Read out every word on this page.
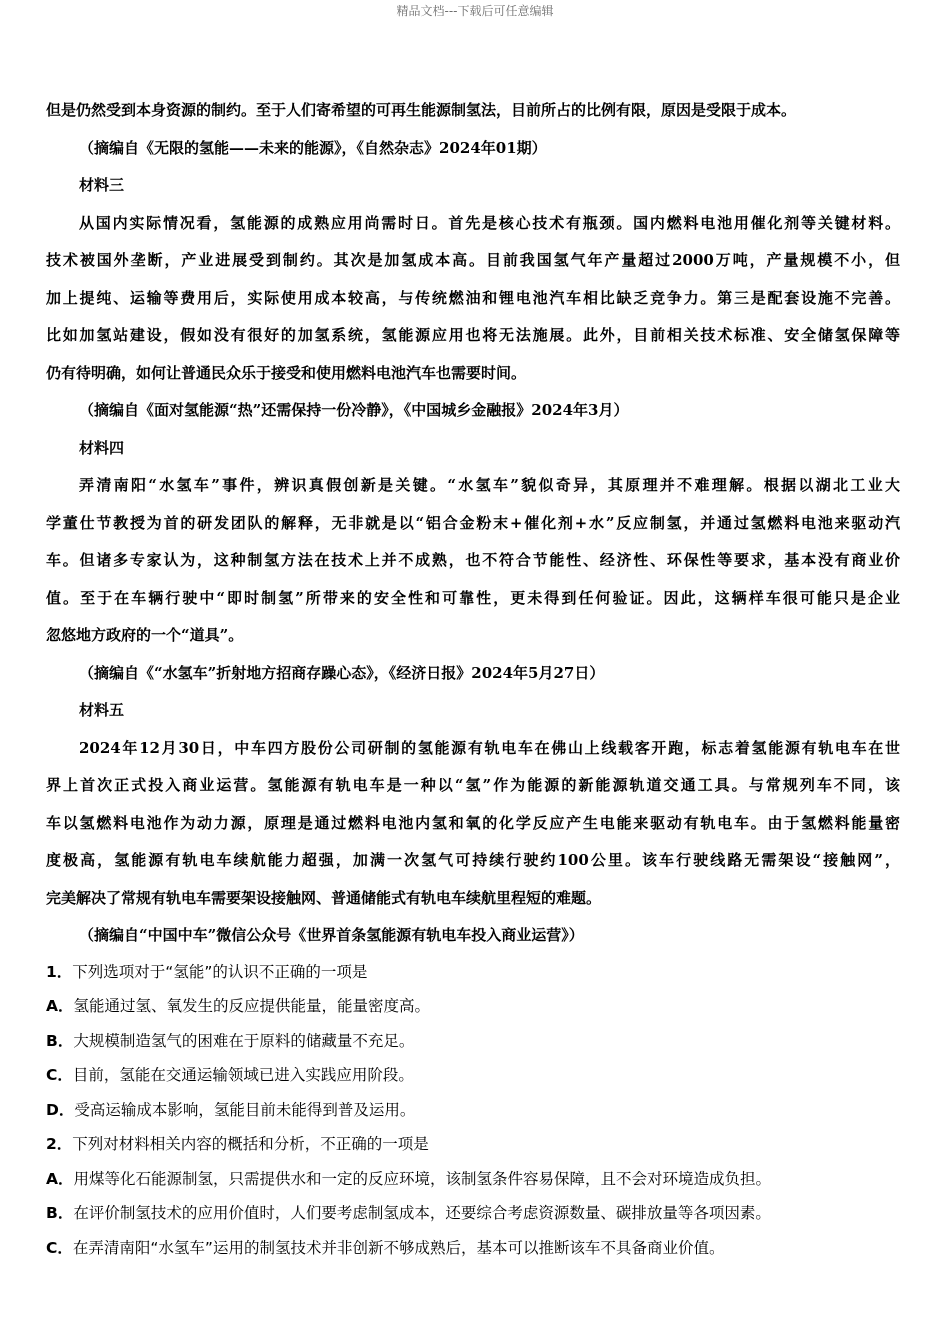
精品文档---下载后可任意编辑

但是仍然受到本身资源的制约。至于人们寄希望的可再生能源制氢法，目前所占的比例有限，原因是受限于成本。

（摘编自《无限的氢能——未来的能源》，《自然杂志》2024年01期）

材料三

从国内实际情况看，氢能源的成熟应用尚需时日。首先是核心技术有瓶颈。国内燃料电池用催化剂等关键材料。

技术被国外垄断，产业进展受到制约。其次是加氢成本高。目前我国氢气年产量超过2000万吨，产量规模不小，但

加上提纯、运输等费用后，实际使用成本较高，与传统燃油和锂电池汽车相比缺乏竞争力。第三是配套设施不完善。

比如加氢站建设，假如没有很好的加氢系统，氢能源应用也将无法施展。此外，目前相关技术标准、安全储氢保障等

仍有待明确，如何让普通民众乐于接受和使用燃料电池汽车也需要时间。

（摘编自《面对氢能源“热”还需保持一份冷静》，《中国城乡金融报》2024年3月）

材料四

弄清南阳“水氢车”事件，辨识真假创新是关键。“水氢车”貌似奇异，其原理并不难理解。根据以湖北工业大

学董仕节教授为首的研发团队的解释，无非就是以“铝合金粉末+催化剂+水”反应制氢，并通过氢燃料电池来驱动汽

车。但诸多专家认为，这种制氢方法在技术上并不成熟，也不符合节能性、经济性、环保性等要求，基本没有商业价

值。至于在车辆行驶中“即时制氢”所带来的安全性和可靠性，更未得到任何验证。因此，这辆样车很可能只是企业

忽悠地方政府的一个“道具”。

（摘编自《“水氢车”折射地方招商存躁心态》，《经济日报》2024年5月27日）

材料五

2024年12月30日，中车四方股份公司研制的氢能源有轨电车在佛山上线载客开跑，标志着氢能源有轨电车在世

界上首次正式投入商业运营。氢能源有轨电车是一种以“氢”作为能源的新能源轨道交通工具。与常规列车不同，该

车以氢燃料电池作为动力源，原理是通过燃料电池内氢和氧的化学反应产生电能来驱动有轨电车。由于氢燃料能量密

度极高，氢能源有轨电车续航能力超强，加满一次氢气可持续行驶约100公里。该车行驶线路无需架设“接触网”，

完美解决了常规有轨电车需要架设接触网、普通储能式有轨电车续航里程短的难题。

（摘编自“中国中车”微信公众号《世界首条氢能源有轨电车投入商业运营》）

1．下列选项对于“氢能”的认识不正确的一项是

A．氢能通过氢、氧发生的反应提供能量，能量密度高。

B．大规模制造氢气的困难在于原料的储藏量不充足。

C．目前，氢能在交通运输领域已进入实践应用阶段。

D．受高运输成本影响，氢能目前未能得到普及运用。

2．下列对材料相关内容的概括和分析，不正确的一项是

A．用煤等化石能源制氢，只需提供水和一定的反应环境，该制氢条件容易保障，且不会对环境造成负担。

B．在评价制氢技术的应用价值时，人们要考虑制氢成本，还要综合考虑资源数量、碳排放量等各项因素。

C．在弄清南阳“水氢车”运用的制氢技术并非创新不够成熟后，基本可以推断该车不具备商业价值。
